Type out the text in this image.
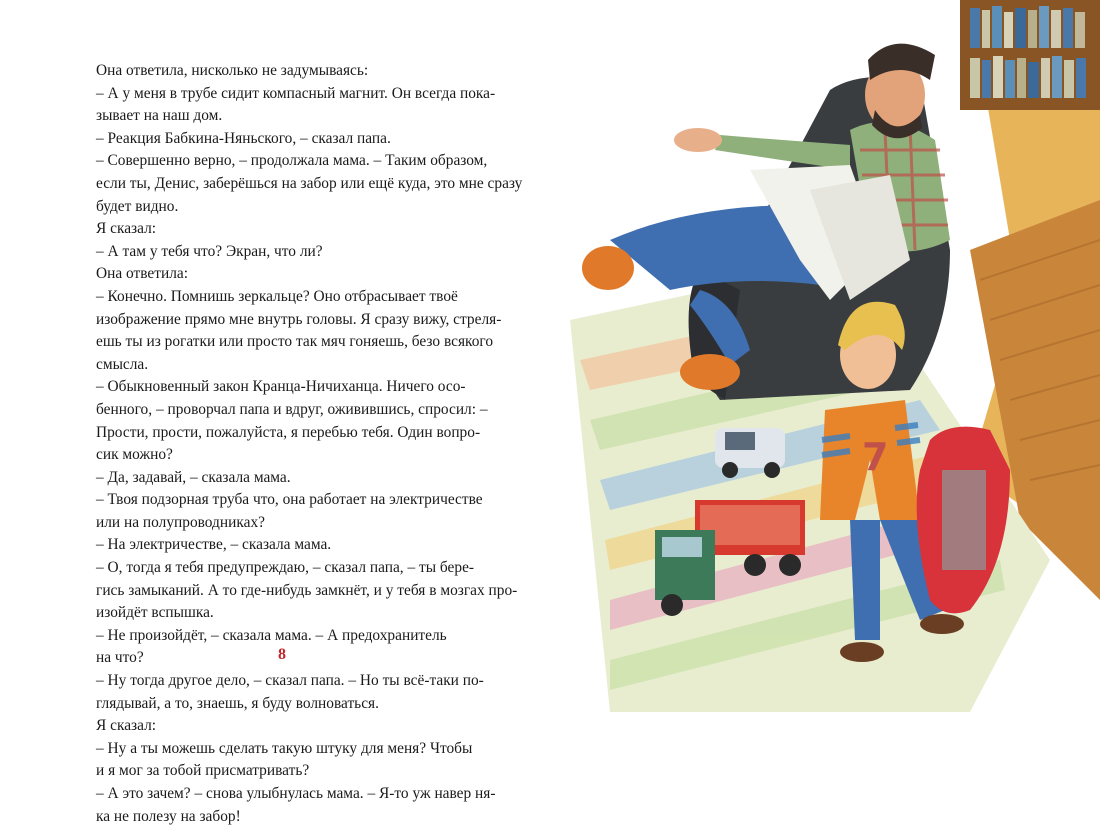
Она ответила, нисколько не задумываясь:
– А у меня в трубе сидит компасный магнит. Он всегда пока-
зывает на наш дом.
– Реакция Бабкина-Няньского, – сказал папа.
– Совершенно верно, – продолжала мама. – Таким образом,
если ты, Денис, заберёшься на забор или ещё куда, это мне сразу
будет видно.
Я сказал:
– А там у тебя что? Экран, что ли?
Она ответила:
– Конечно. Помнишь зеркальце? Оно отбрасывает твоё
изображение прямо мне внутрь головы. Я сразу вижу, стреля-
ешь ты из рогатки или просто так мяч гоняешь, безо всякого
смысла.
– Обыкновенный закон Кранца-Ничиханца. Ничего осо-
бенного, – проворчал папа и вдруг, оживившись, спросил: –
Прости, прости, пожалуйста, я перебью тебя. Один вопро-
сик можно?
– Да, задавай, – сказала мама.
– Твоя подзорная труба что, она работает на электричестве
или на полупроводниках?
– На электричестве, – сказала мама.
– О, тогда я тебя предупреждаю, – сказал папа, – ты бере-
гись замыканий. А то где-нибудь замкнёт, и у тебя в мозгах про-
изойдёт вспышка.
– Не произойдёт, – сказала мама. – А предохранитель
на что?
– Ну тогда другое дело, – сказал папа. – Но ты всё-таки по-
глядывай, а то, знаешь, я буду волноваться.
Я сказал:
– Ну а ты можешь сделать такую штуку для меня? Чтобы
и я мог за тобой присматривать?
– А это зачем? – снова улыбнулась мама. – Я-то уж навер ня-
ка не полезу на забор!
8
7
